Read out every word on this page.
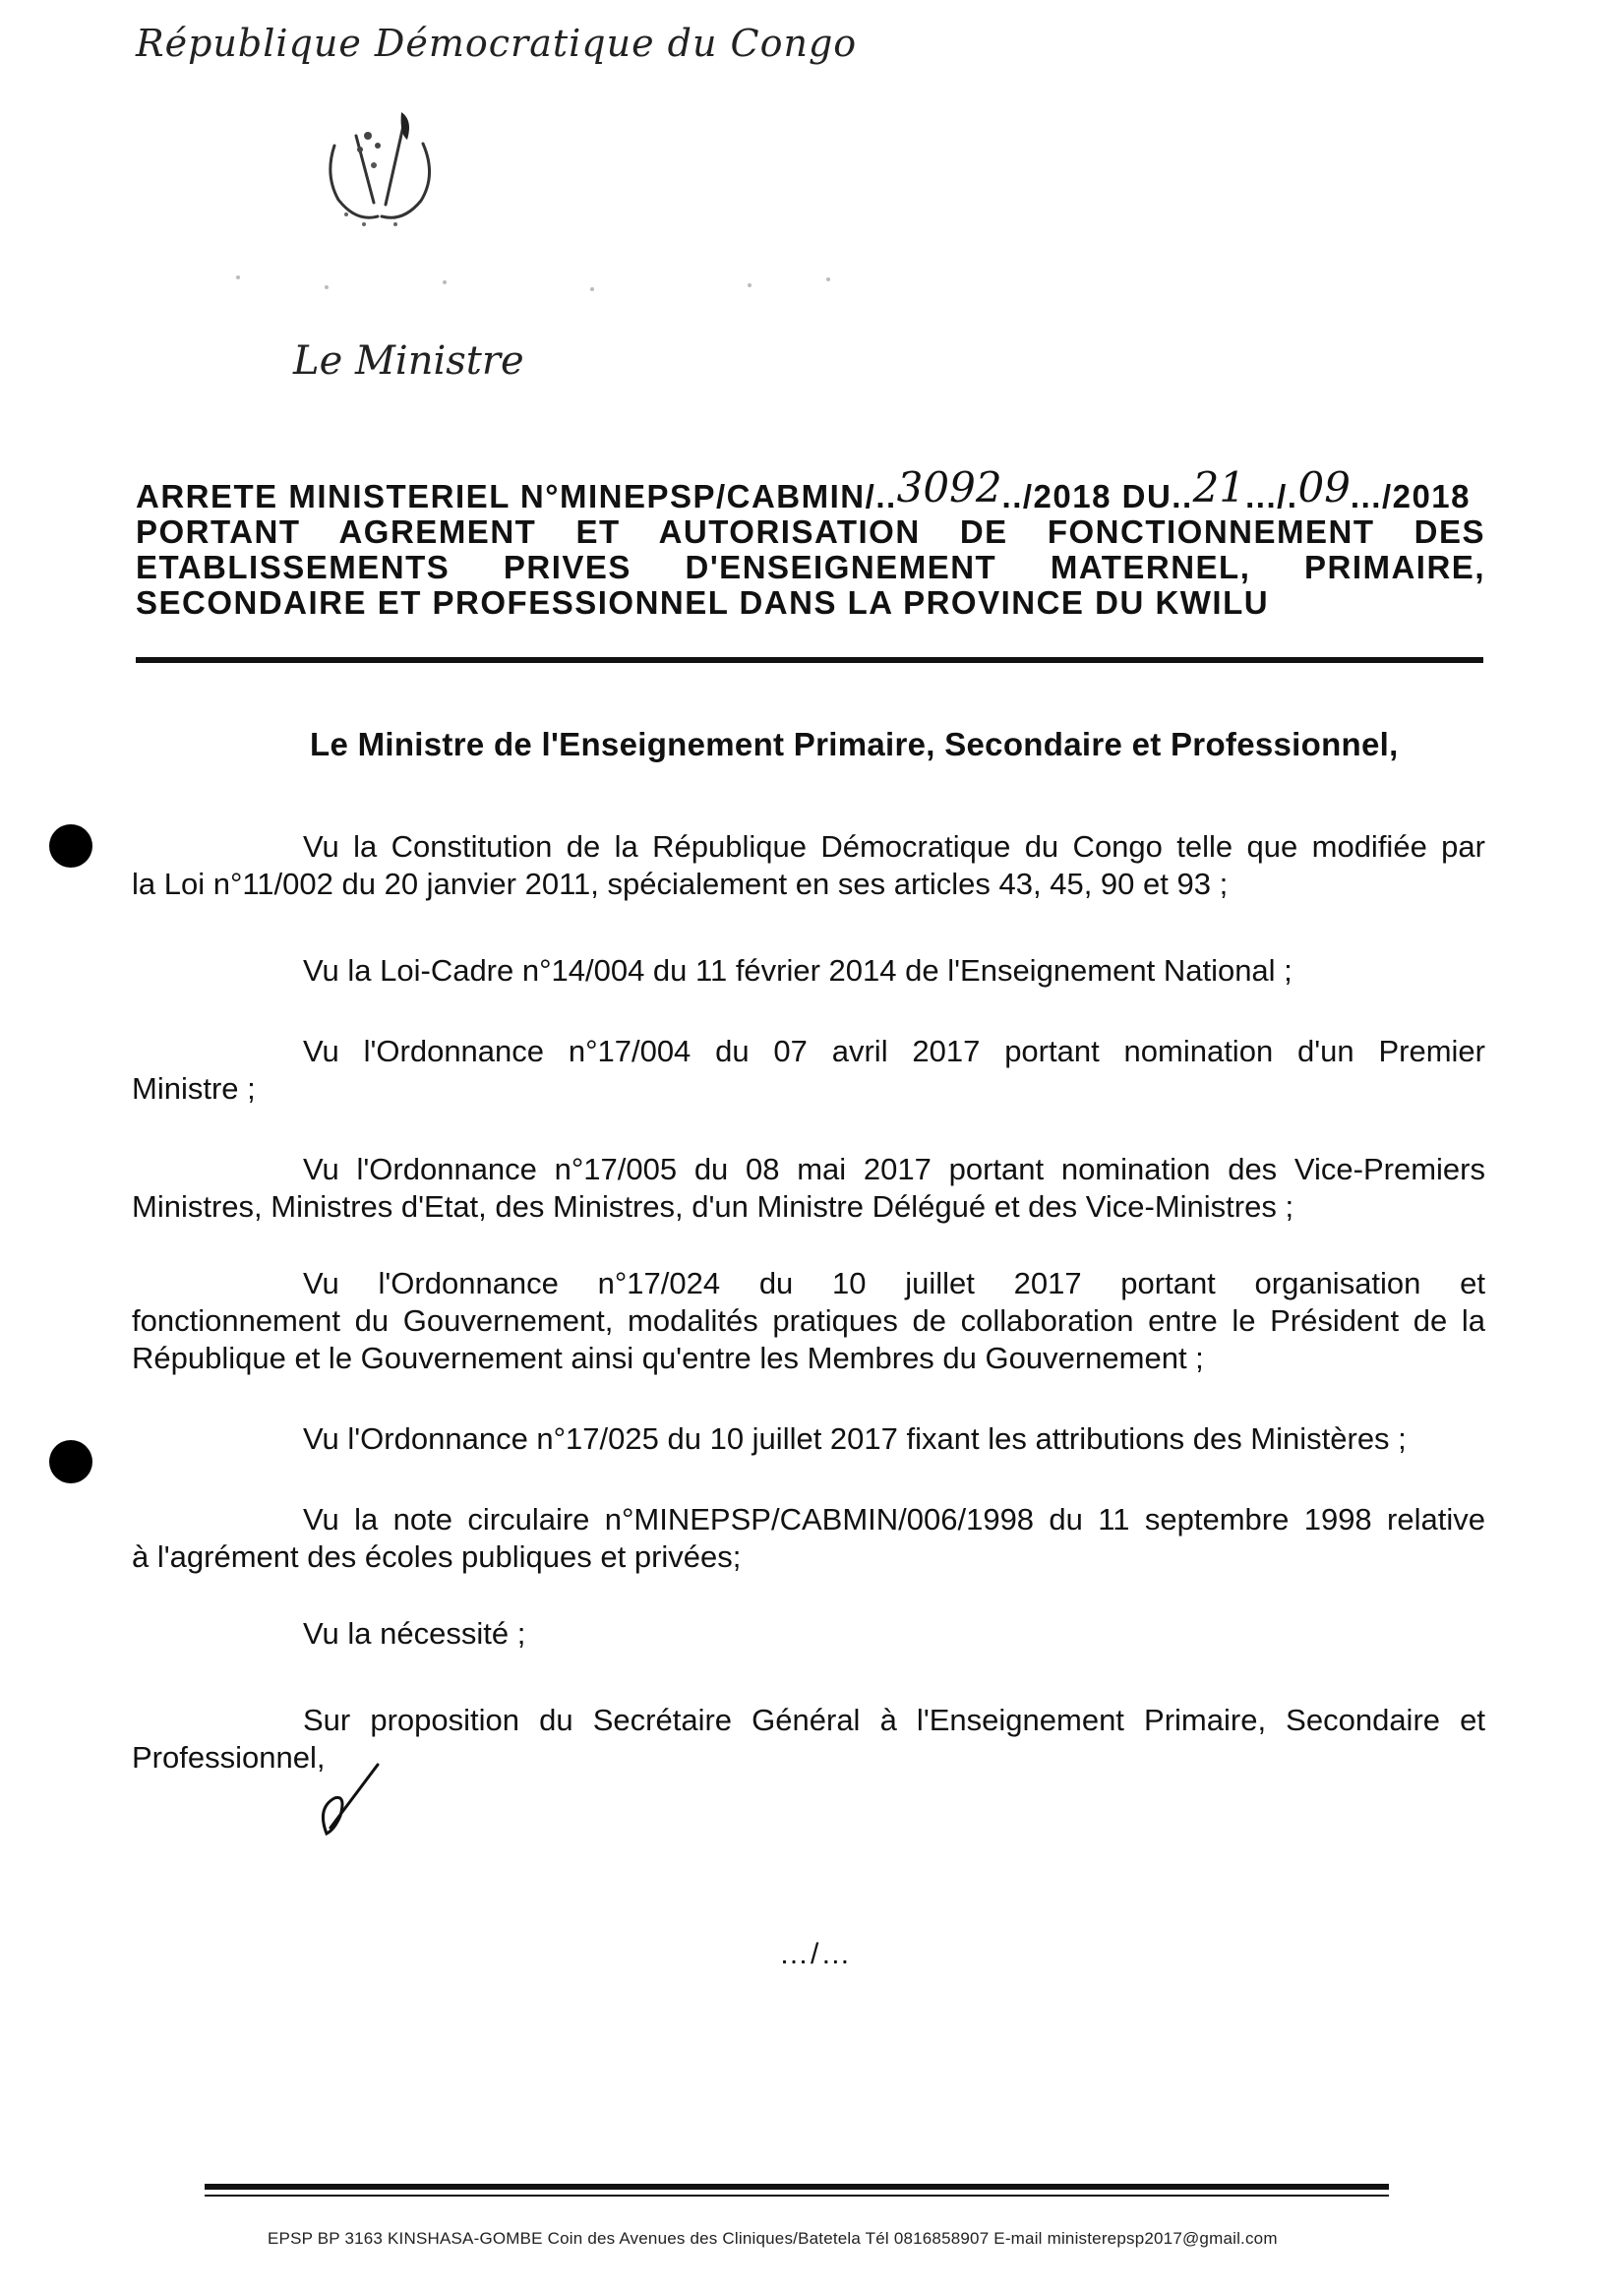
République Démocratique du Congo
Le Ministre
ARRETE MINISTERIEL N°MINEPSP/CABMIN/..3092../2018 DU..21.../.09.../2018
PORTANT AGREMENT ET AUTORISATION DE FONCTIONNEMENT DES
ETABLISSEMENTS PRIVES D'ENSEIGNEMENT MATERNEL, PRIMAIRE,
SECONDAIRE ET PROFESSIONNEL DANS LA PROVINCE DU KWILU
Le Ministre de l'Enseignement Primaire, Secondaire et Professionnel,
Vu la Constitution de la République Démocratique du Congo telle que modifiée par
la Loi n°11/002 du 20 janvier 2011, spécialement en ses articles 43, 45, 90 et 93 ;
Vu la Loi-Cadre n°14/004 du 11 février 2014 de l'Enseignement National ;
Vu l'Ordonnance n°17/004 du 07 avril 2017 portant nomination d'un Premier
Ministre ;
Vu l'Ordonnance n°17/005 du 08 mai 2017 portant nomination des Vice-Premiers
Ministres, Ministres d'Etat, des Ministres, d'un Ministre Délégué et des Vice-Ministres ;
Vu l'Ordonnance n°17/024 du 10 juillet 2017 portant organisation et
fonctionnement du Gouvernement, modalités pratiques de collaboration entre le Président de la République et le Gouvernement ainsi qu'entre les Membres du Gouvernement ;
Vu l'Ordonnance n°17/025 du 10 juillet 2017 fixant les attributions des Ministères ;
Vu la note circulaire n°MINEPSP/CABMIN/006/1998 du 11 septembre 1998 relative
à l'agrément des écoles publiques et privées;
Vu la nécessité ;
Sur proposition du Secrétaire Général à l'Enseignement Primaire, Secondaire et
Professionnel,
…/…
EPSP BP 3163 KINSHASA-GOMBE Coin des Avenues des Cliniques/Batetela Tél 0816858907 E-mail ministerepsp2017@gmail.com
